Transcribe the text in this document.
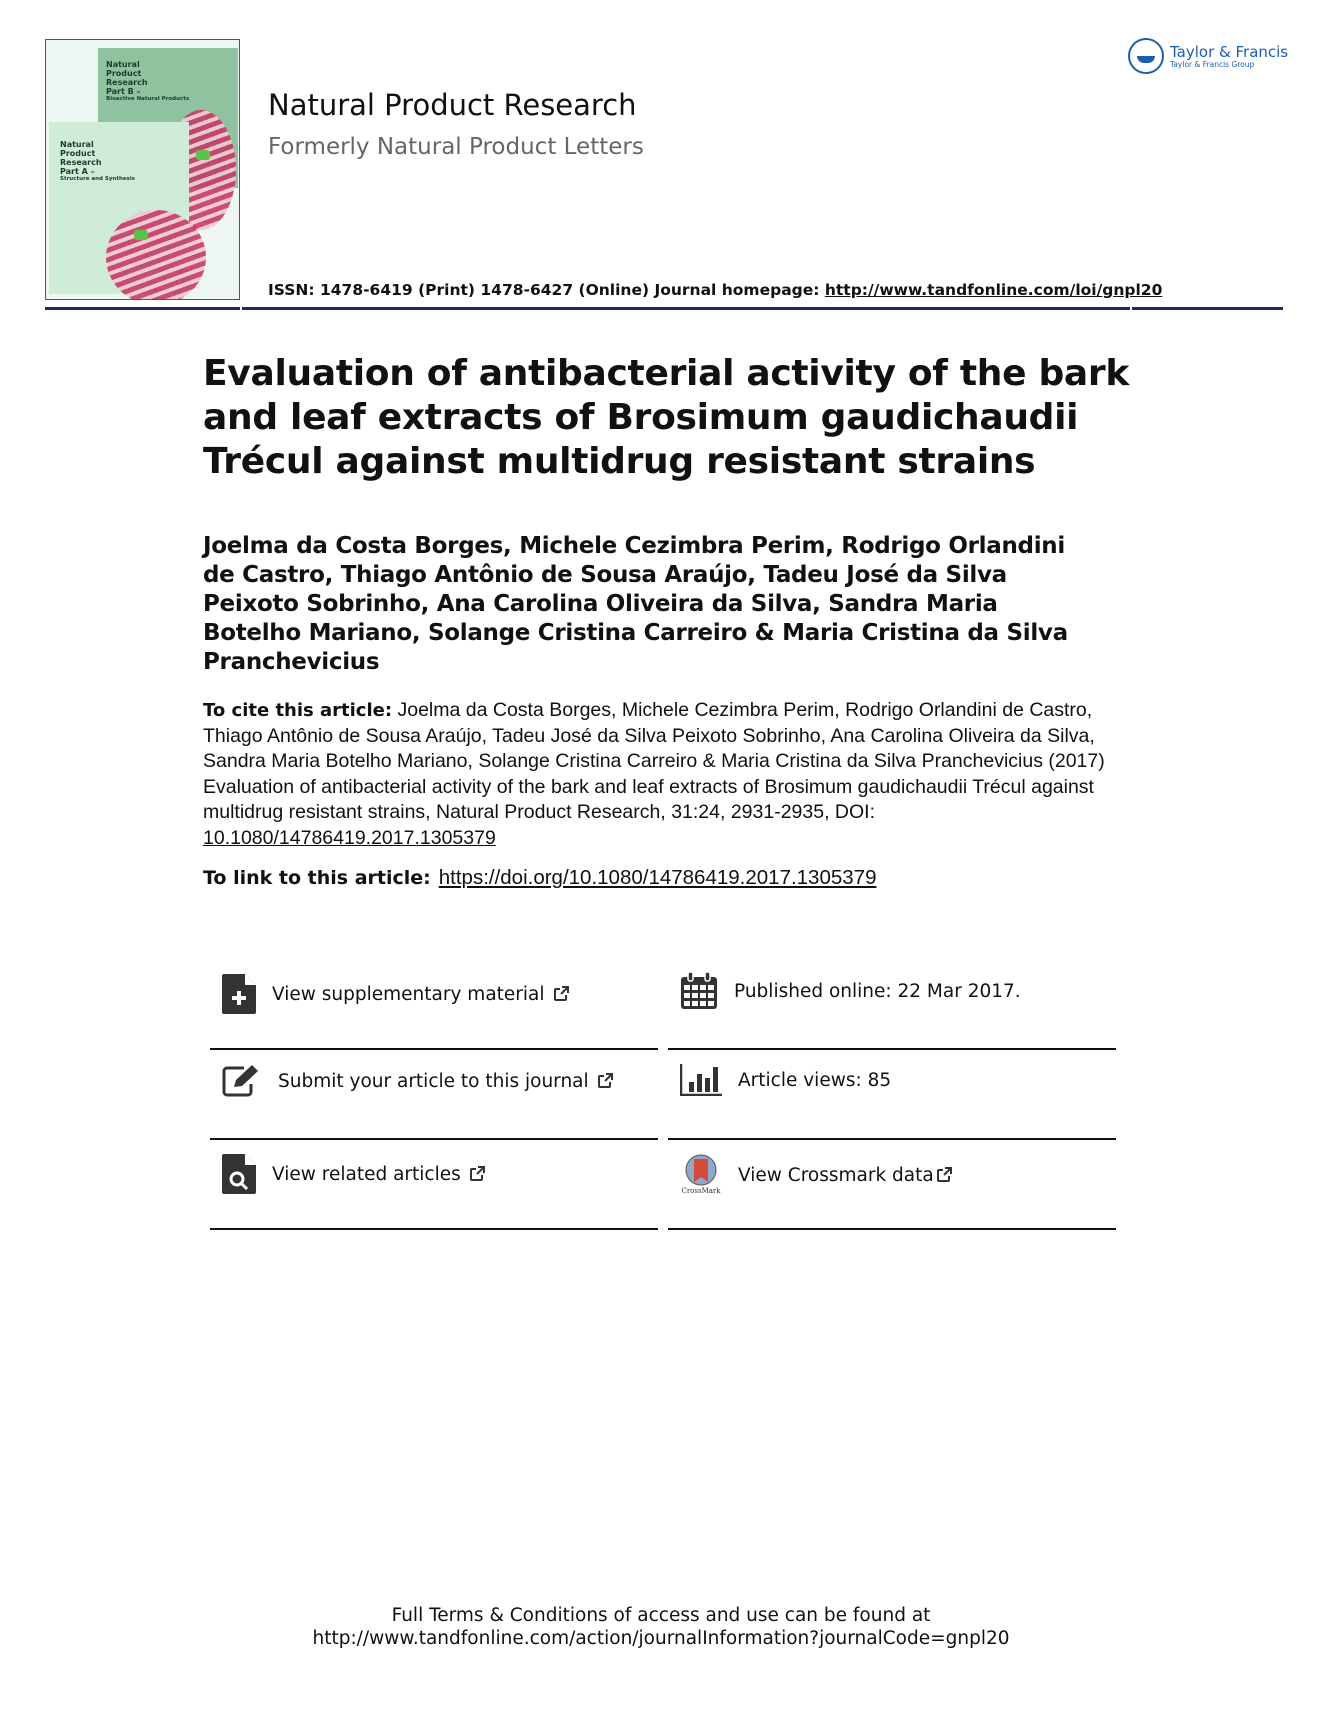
Natural
Product
Research
Part B –
Bioactive Natural Products
Natural
Product
Research
Part A –
Structure and Synthesis
Taylor & Francis
Taylor & Francis Group
Natural Product Research
Formerly Natural Product Letters
ISSN: 1478-6419 (Print) 1478-6427 (Online) Journal homepage: http://www.tandfonline.com/loi/gnpl20
Evaluation of antibacterial activity of the bark and leaf extracts of Brosimum gaudichaudii Trécul against multidrug resistant strains
Joelma da Costa Borges, Michele Cezimbra Perim, Rodrigo Orlandini de Castro, Thiago Antônio de Sousa Araújo, Tadeu José da Silva Peixoto Sobrinho, Ana Carolina Oliveira da Silva, Sandra Maria Botelho Mariano, Solange Cristina Carreiro & Maria Cristina da Silva Pranchevicius
To cite this article: Joelma da Costa Borges, Michele Cezimbra Perim, Rodrigo Orlandini de Castro, Thiago Antônio de Sousa Araújo, Tadeu José da Silva Peixoto Sobrinho, Ana Carolina Oliveira da Silva, Sandra Maria Botelho Mariano, Solange Cristina Carreiro & Maria Cristina da Silva Pranchevicius (2017) Evaluation of antibacterial activity of the bark and leaf extracts of Brosimum gaudichaudii Trécul against multidrug resistant strains, Natural Product Research, 31:24, 2931-2935, DOI: 10.1080/14786419.2017.1305379
To link to this article: https://doi.org/10.1080/14786419.2017.1305379
View supplementary material
Submit your article to this journal
View related articles
Published online: 22 Mar 2017.
Article views: 85
CrossMark
View Crossmark data
Full Terms & Conditions of access and use can be found at
http://www.tandfonline.com/action/journalInformation?journalCode=gnpl20
